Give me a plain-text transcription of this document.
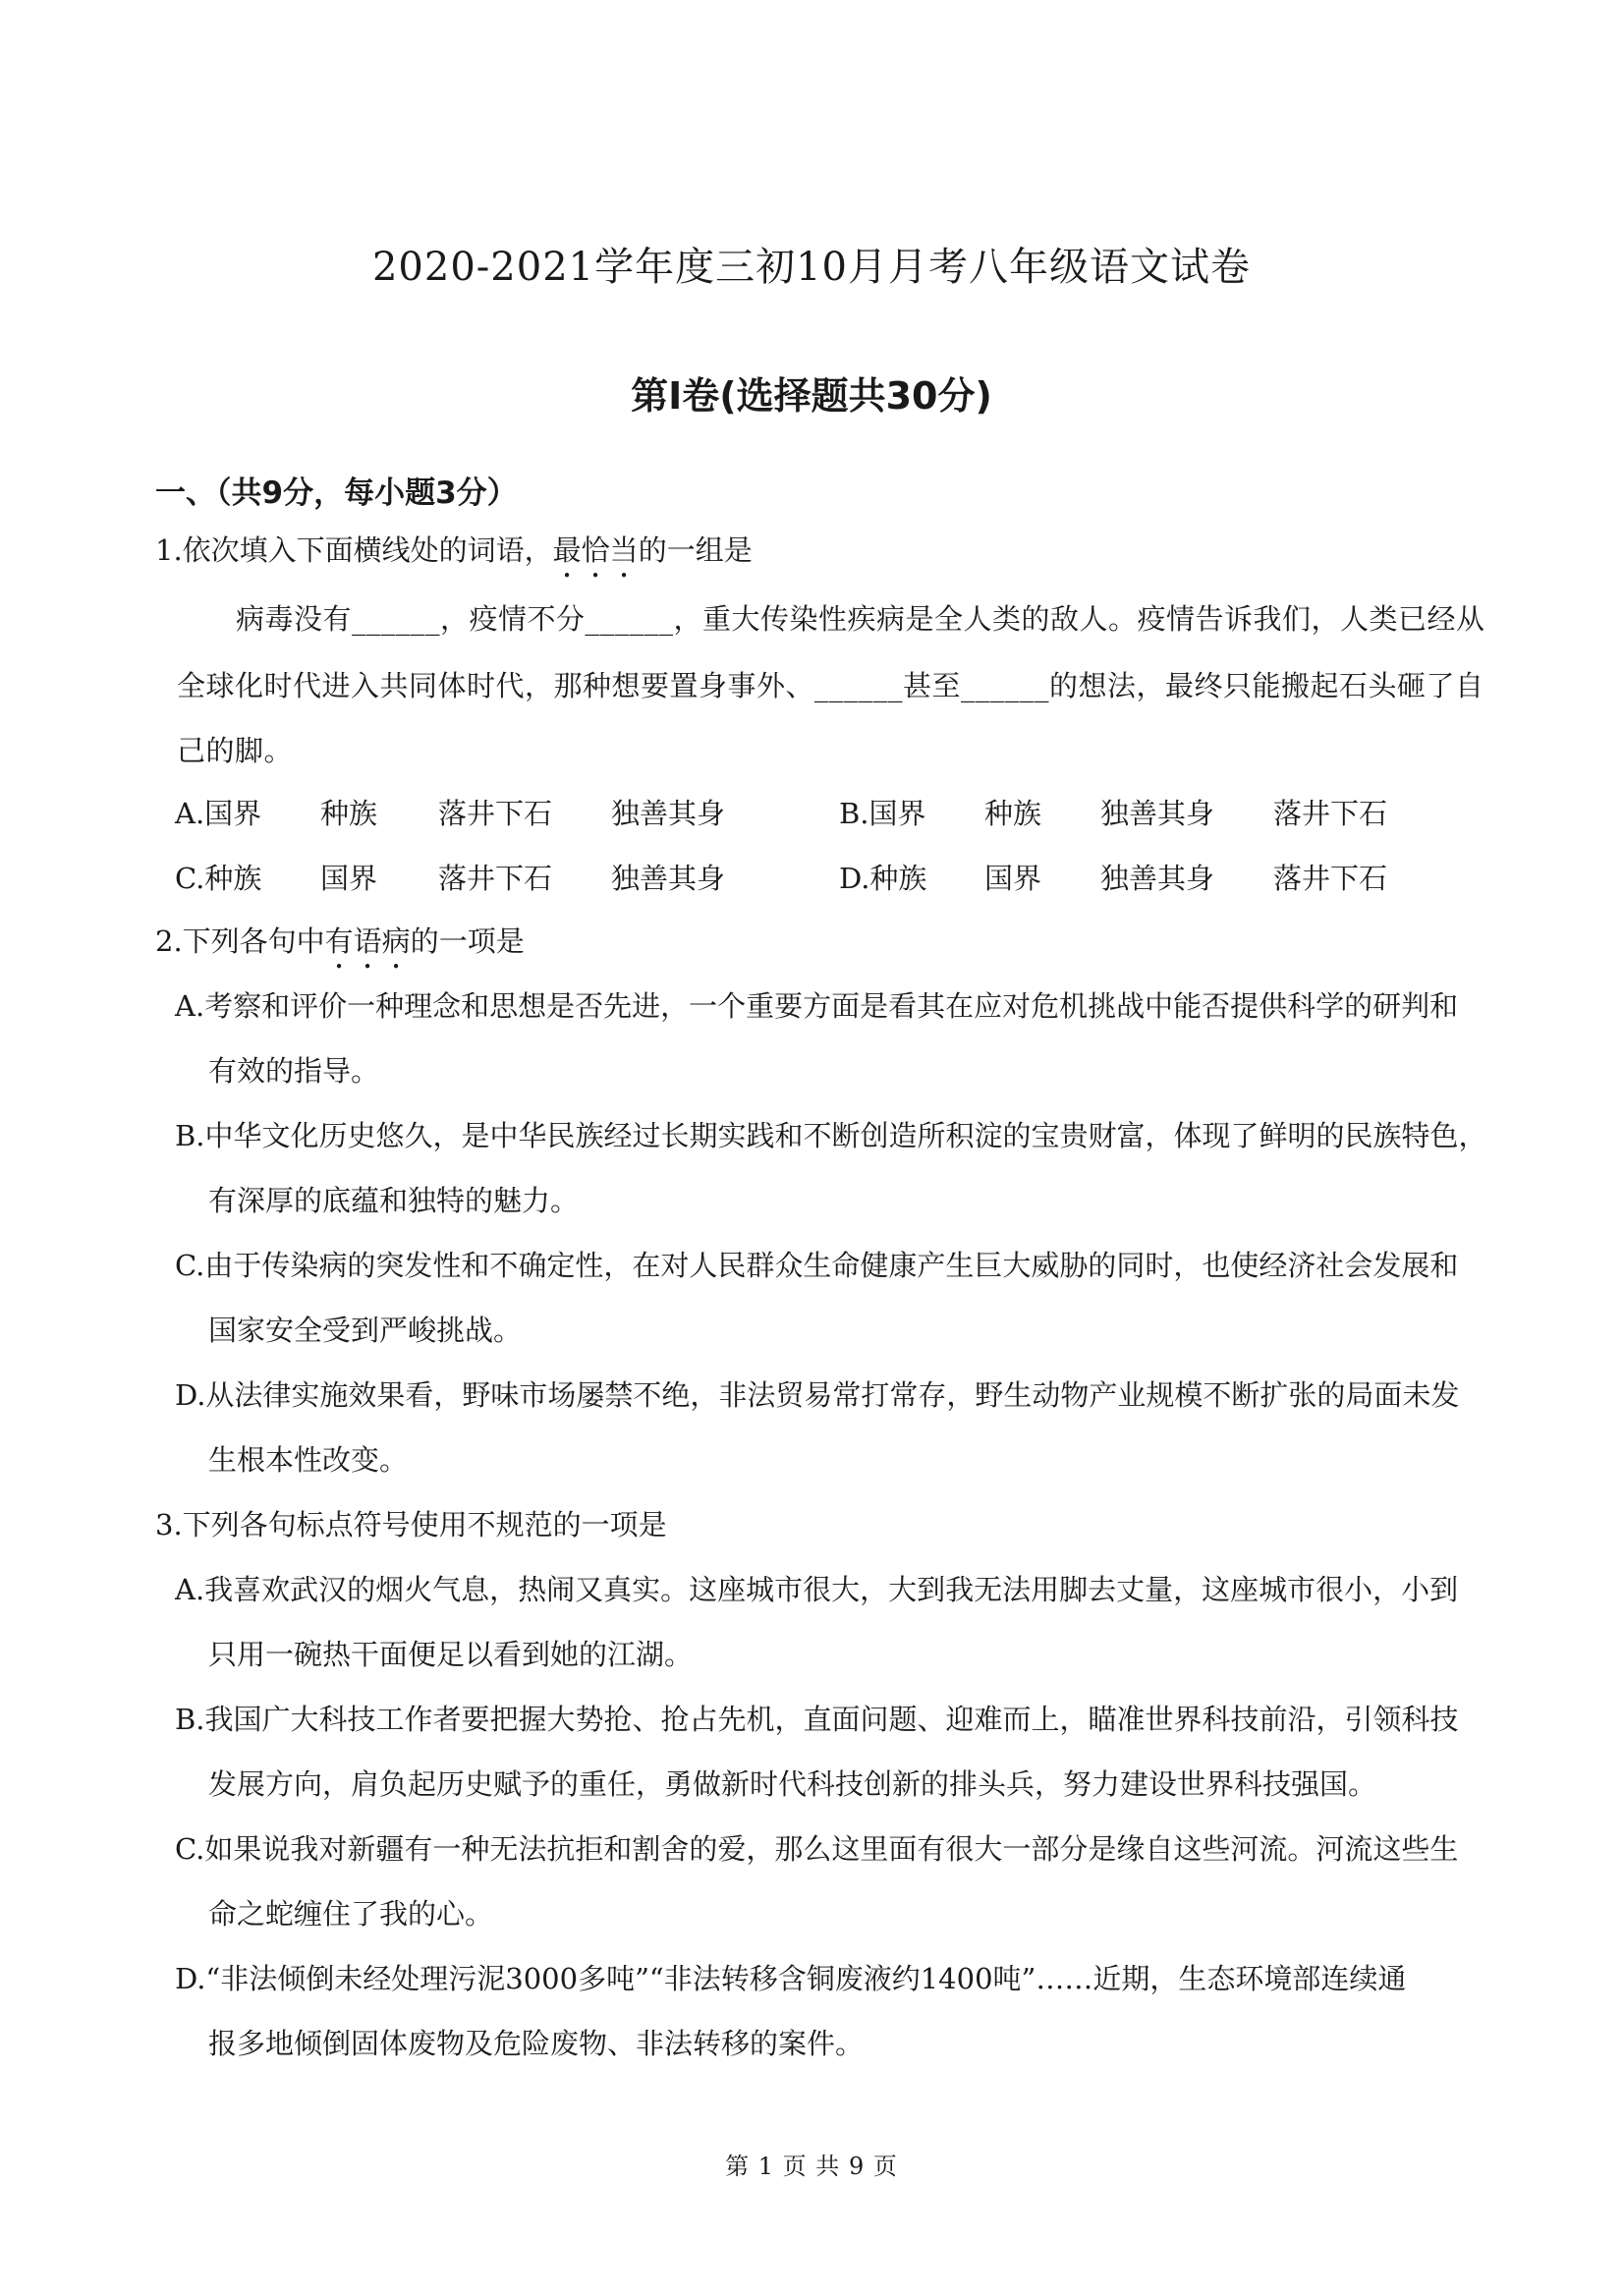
2020-2021学年度三初10月月考八年级语文试卷
第Ⅰ卷(选择题共30分)
一、（共9分，每小题3分）
1.依次填入下面横线处的词语，最恰当的一组是
病毒没有______，疫情不分______，重大传染性疾病是全人类的敌人。疫情告诉我们，人类已经从
全球化时代进入共同体时代，那种想要置身事外、______甚至______的想法，最终只能搬起石头砸了自
己的脚。
A.国界 种族 落井下石 独善其身	B.国界 种族 独善其身 落井下石
C.种族 国界 落井下石 独善其身	D.种族 国界 独善其身 落井下石
2.下列各句中有语病的一项是
A.考察和评价一种理念和思想是否先进，一个重要方面是看其在应对危机挑战中能否提供科学的研判和
有效的指导。
B.中华文化历史悠久，是中华民族经过长期实践和不断创造所积淀的宝贵财富，体现了鲜明的民族特色，
有深厚的底蕴和独特的魅力。
C.由于传染病的突发性和不确定性，在对人民群众生命健康产生巨大威胁的同时，也使经济社会发展和
国家安全受到严峻挑战。
D.从法律实施效果看，野味市场屡禁不绝，非法贸易常打常存，野生动物产业规模不断扩张的局面未发
生根本性改变。
3.下列各句标点符号使用不规范的一项是
A.我喜欢武汉的烟火气息，热闹又真实。这座城市很大，大到我无法用脚去丈量，这座城市很小，小到
只用一碗热干面便足以看到她的江湖。
B.我国广大科技工作者要把握大势抢、抢占先机，直面问题、迎难而上，瞄准世界科技前沿，引领科技
发展方向，肩负起历史赋予的重任，勇做新时代科技创新的排头兵，努力建设世界科技强国。
C.如果说我对新疆有一种无法抗拒和割舍的爱，那么这里面有很大一部分是缘自这些河流。河流这些生
命之蛇缠住了我的心。
D.“非法倾倒未经处理污泥3000多吨”“非法转移含铜废液约1400吨”……近期，生态环境部连续通
报多地倾倒固体废物及危险废物、非法转移的案件。
第 1 页 共 9 页
